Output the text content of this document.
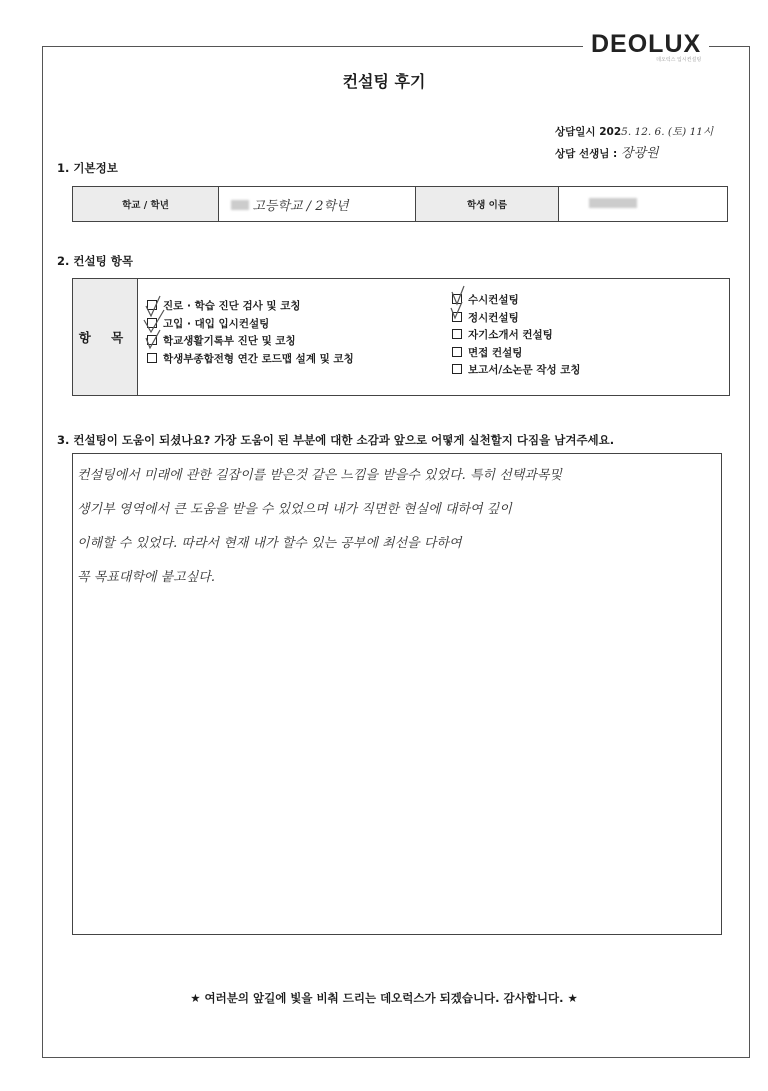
DEOLUX
데오럭스 입시컨설팅
컨설팅 후기
상담일시 2025. 12. 6. (토) 11시
상담 선생님 : 장광원
1. 기본정보
학교 / 학년	고등학교 / 2학년	학생 이름	
2. 컨설팅 항목
항 목
진로 · 학습 진단 검사 및 코칭
고입 · 대입 입시컨설팅
학교생활기록부 진단 및 코칭
학생부종합전형 연간 로드맵 설계 및 코칭
수시컨설팅
정시컨설팅
자기소개서 컨설팅
면접 컨설팅
보고서/소논문 작성 코칭
3. 컨설팅이 도움이 되셨나요? 가장 도움이 된 부분에 대한 소감과 앞으로 어떻게 실천할지 다짐을 남겨주세요.
컨설팅에서 미래에 관한 길잡이를 받은것 같은 느낌을 받을수 있었다. 특히 선택과목및
생기부 영역에서 큰 도움을 받을 수 있었으며 내가 직면한 현실에 대하여 깊이
이해할 수 있었다. 따라서 현재 내가 할수 있는 공부에 최선을 다하여
꼭 목표대학에 붙고싶다.
★ 여러분의 앞길에 빛을 비춰 드리는 데오럭스가 되겠습니다. 감사합니다. ★
